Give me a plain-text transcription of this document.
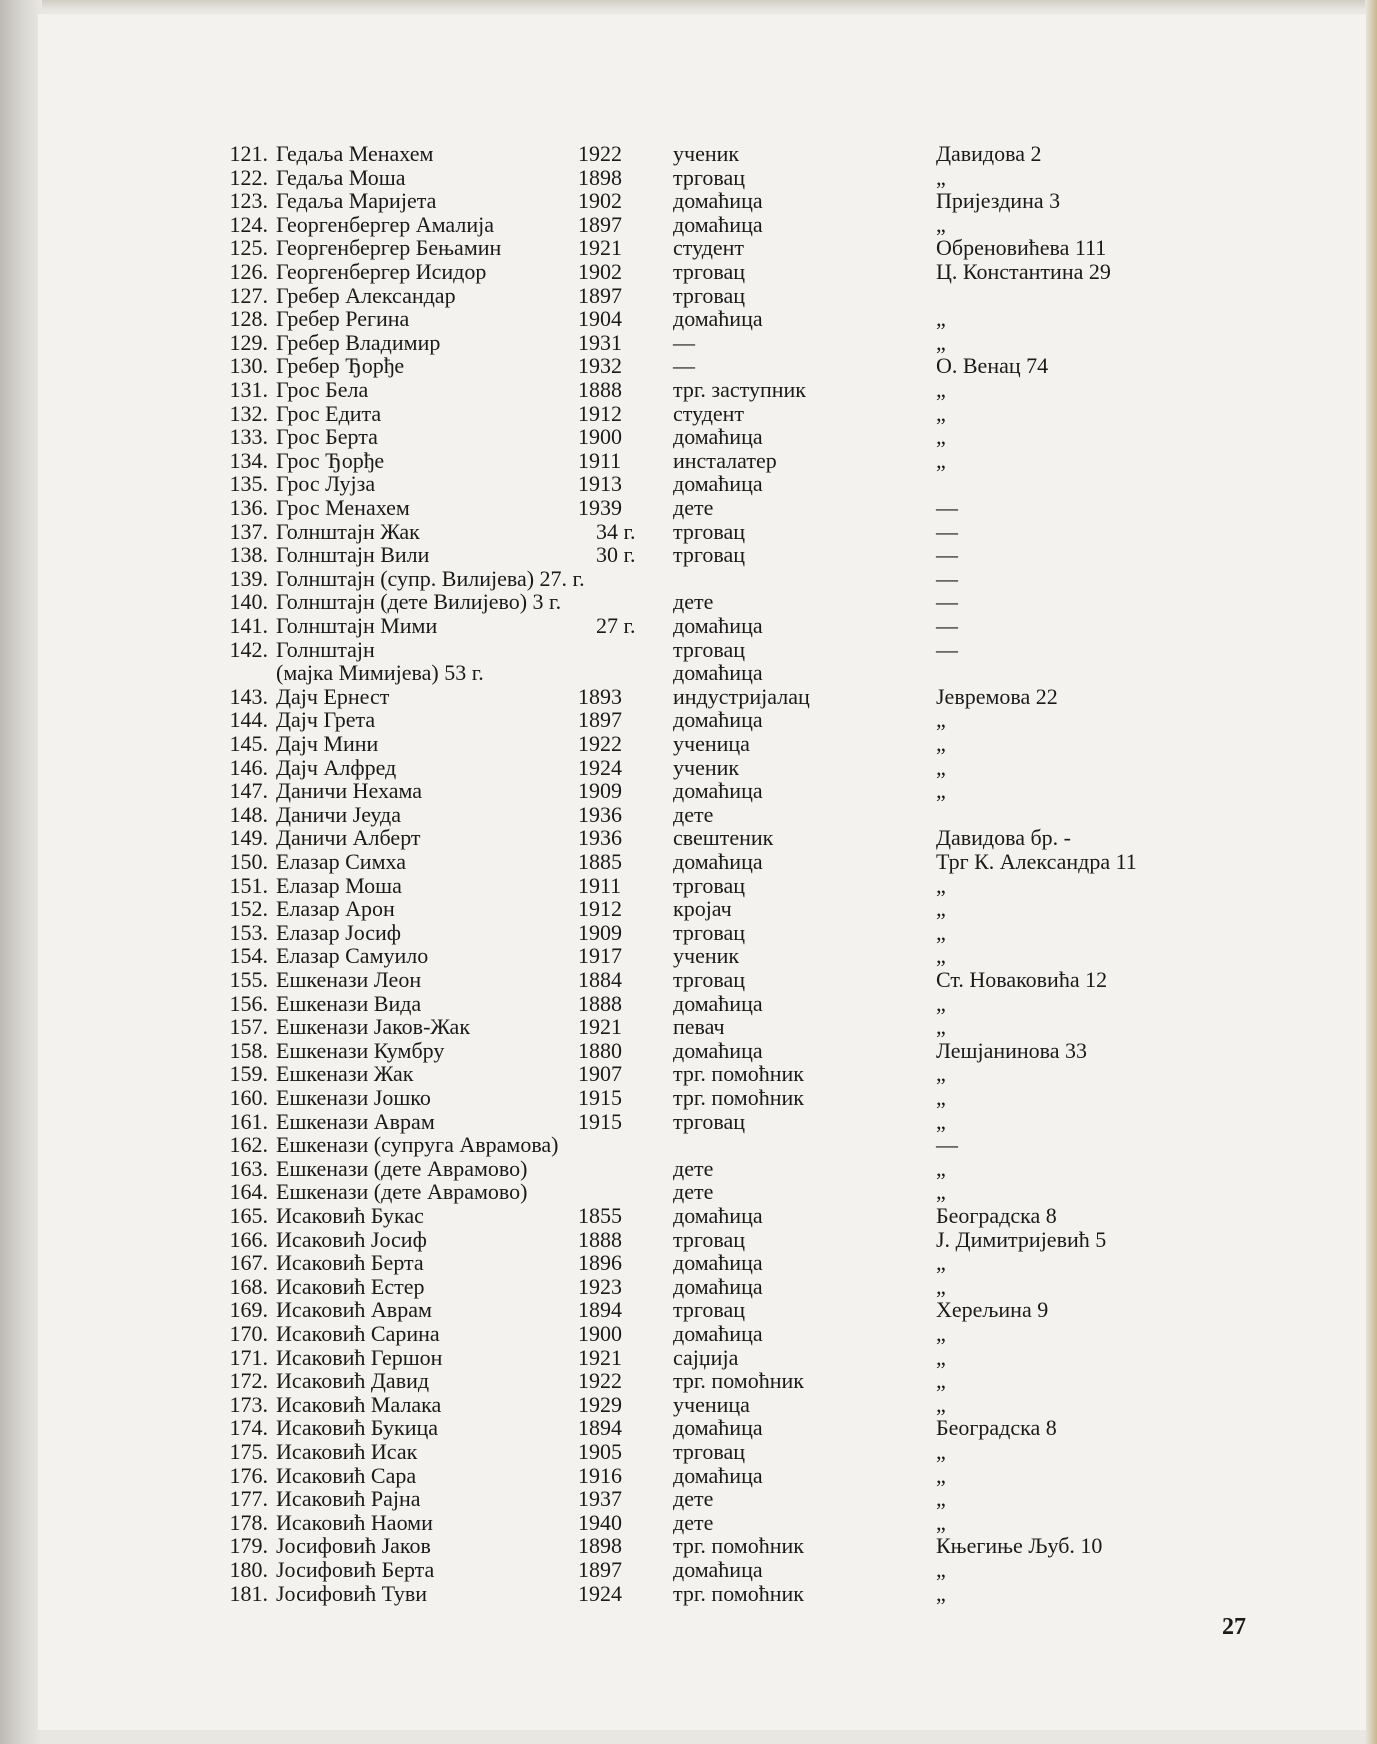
121. Гедаља Менахем	1922 ученик	Давидова 2
122. Гедаља Моша	1898 трговац	„
123. Гедаља Маријета	1902 домаћица	Пријездина 3
124. Георгенбергер Амалија	1897 домаћица	„
125. Георгенбергер Бењамин	1921 студент	Обреновићева 111
126. Георгенбергер Исидор	1902 трговац	Ц. Константина 29
127. Гребер Александар	1897 трговац
128. Гребер Регина	1904 домаћица	„
129. Гребер Владимир	1931 —	„
130. Гребер Ђорђе	1932 —	О. Венац 74
131. Грос Бела	1888 трг. заступник	„
132. Грос Едита	1912 студент	„
133. Грос Берта	1900 домаћица	„
134. Грос Ђорђе	1911 инсталатер	„
135. Грос Лујза	1913 домаћица
136. Грос Менахем	1939 дете	—
137. Голнштајн Жак	34 г. трговац	—
138. Голнштајн Вили	30 г. трговац	—
139. Голнштајн (супр. Вилијева) 27. г.	—
140. Голнштајн (дете Вилијево) 3 г.	дете	—
141. Голнштајн Мими	27 г. домаћица	—
142. Голнштајн	трговац	—
(мајка Мимијева) 53 г.	домаћица
143. Дајч Ернест	1893 индустријалац	Јевремова 22
144. Дајч Грета	1897 домаћица	„
145. Дајч Мини	1922 ученица	„
146. Дајч Алфред	1924 ученик	„
147. Даничи Нехама	1909 домаћица	„
148. Даничи Јеуда	1936 дете
149. Даничи Алберт	1936 свештеник	Давидова бр. -
150. Елазар Симха	1885 домаћица	Трг К. Александра 11
151. Елазар Моша	1911 трговац	„
152. Елазар Арон	1912 кројач	„
153. Елазар Јосиф	1909 трговац	„
154. Елазар Самуило	1917 ученик	„
155. Ешкенази Леон	1884 трговац	Ст. Новаковића 12
156. Ешкенази Вида	1888 домаћица	„
157. Ешкенази Јаков-Жак	1921 певач	„
158. Ешкенази Кумбру	1880 домаћица	Лешјанинова 33
159. Ешкенази Жак	1907 трг. помоћник	„
160. Ешкенази Јошко	1915 трг. помоћник	„
161. Ешкенази Аврам	1915 трговац	„
162. Ешкенази (супруга Аврамова)	—
163. Ешкенази (дете Аврамово)	дете	„
164. Ешкенази (дете Аврамово)	дете	„
165. Исаковић Букас	1855 домаћица	Београдска 8
166. Исаковић Јосиф	1888 трговац	Ј. Димитријевић 5
167. Исаковић Берта	1896 домаћица	„
168. Исаковић Естер	1923 домаћица	„
169. Исаковић Аврам	1894 трговац	Херељина 9
170. Исаковић Сарина	1900 домаћица	„
171. Исаковић Гершон	1921 сајџија	„
172. Исаковић Давид	1922 трг. помоћник	„
173. Исаковић Малака	1929 ученица	„
174. Исаковић Букица	1894 домаћица	Београдска 8
175. Исаковић Исак	1905 трговац	„
176. Исаковић Сара	1916 домаћица	„
177. Исаковић Рајна	1937 дете	„
178. Исаковић Наоми	1940 дете	„
179. Јосифовић Јаков	1898 трг. помоћник	Књегиње Љуб. 10
180. Јосифовић Берта	1897 домаћица	„
181. Јосифовић Туви	1924 трг. помоћник	„
27
